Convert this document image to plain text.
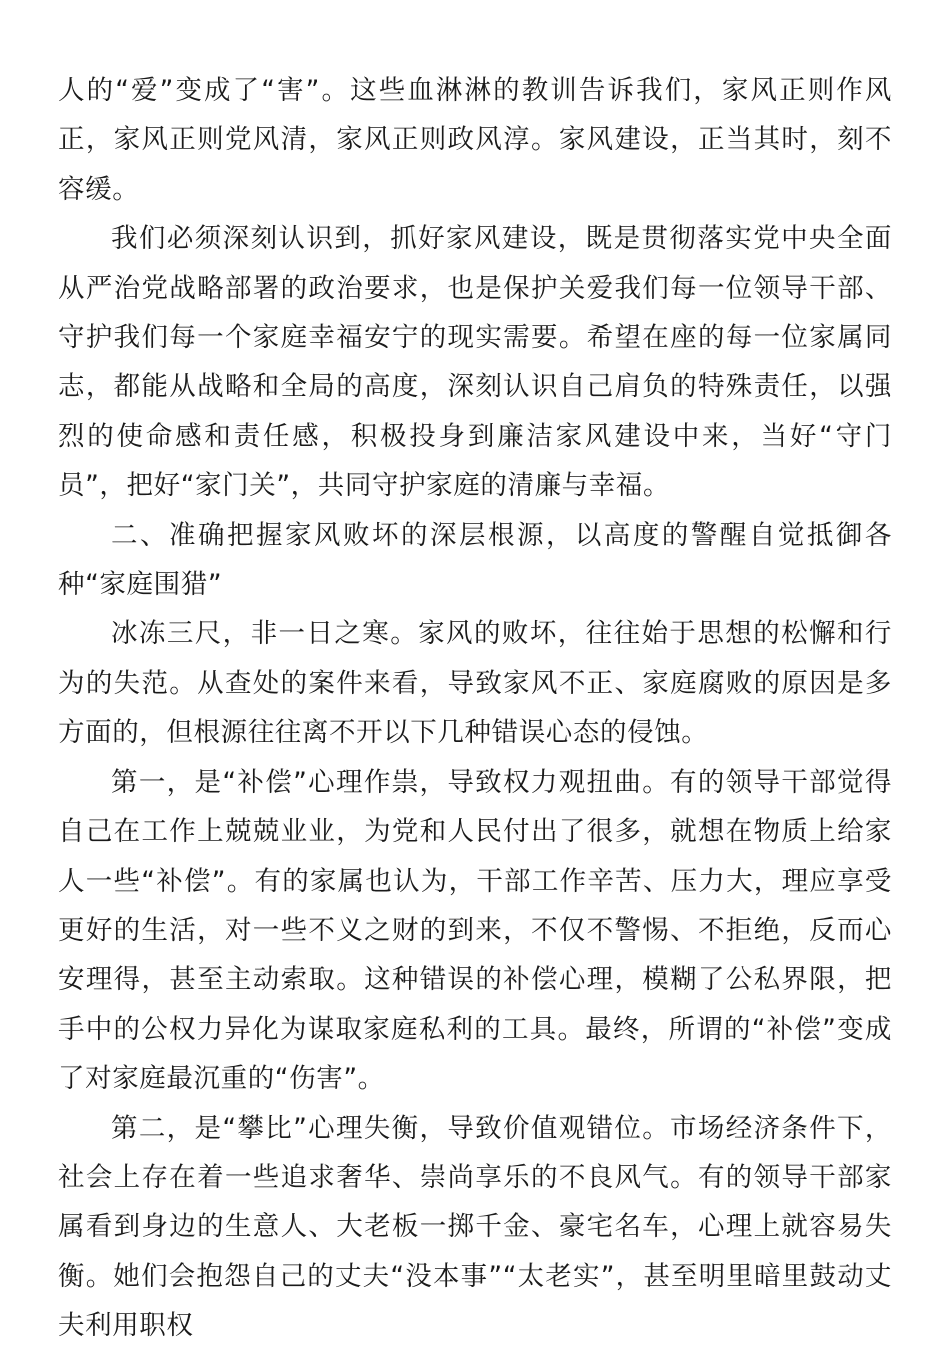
人的“爱”变成了“害”。这些血淋淋的教训告诉我们，家风正则作风正，家风正则党风清，家风正则政风淳。家风建设，正当其时，刻不容缓。

我们必须深刻认识到，抓好家风建设，既是贯彻落实党中央全面从严治党战略部署的政治要求，也是保护关爱我们每一位领导干部、守护我们每一个家庭幸福安宁的现实需要。希望在座的每一位家属同志，都能从战略和全局的高度，深刻认识自己肩负的特殊责任，以强烈的使命感和责任感，积极投身到廉洁家风建设中来，当好“守门员”，把好“家门关”，共同守护家庭的清廉与幸福。

二、准确把握家风败坏的深层根源，以高度的警醒自觉抵御各种“家庭围猎”

冰冻三尺，非一日之寒。家风的败坏，往往始于思想的松懈和行为的失范。从查处的案件来看，导致家风不正、家庭腐败的原因是多方面的，但根源往往离不开以下几种错误心态的侵蚀。

第一，是“补偿”心理作祟，导致权力观扭曲。有的领导干部觉得自己在工作上兢兢业业，为党和人民付出了很多，就想在物质上给家人一些“补偿”。有的家属也认为，干部工作辛苦、压力大，理应享受更好的生活，对一些不义之财的到来，不仅不警惕、不拒绝，反而心安理得，甚至主动索取。这种错误的补偿心理，模糊了公私界限，把手中的公权力异化为谋取家庭私利的工具。最终，所谓的“补偿”变成了对家庭最沉重的“伤害”。

第二，是“攀比”心理失衡，导致价值观错位。市场经济条件下，社会上存在着一些追求奢华、崇尚享乐的不良风气。有的领导干部家属看到身边的生意人、大老板一掷千金、豪宅名车，心理上就容易失衡。她们会抱怨自己的丈夫“没本事”“太老实”，甚至明里暗里鼓动丈夫利用职权
